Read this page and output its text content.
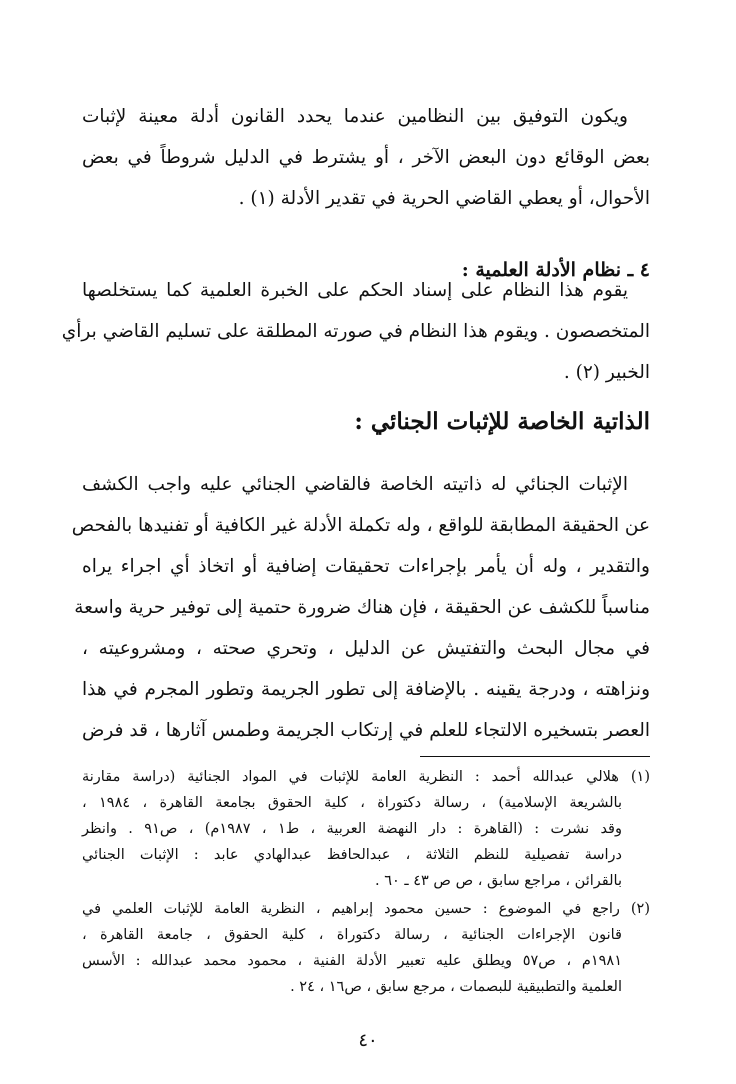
ويكون التوفيق بين النظامين عندما يحدد القانون أدلة معينة لإثبات
بعض الوقائع دون البعض الآخر ، أو يشترط في الدليل شروطاً في بعض
الأحوال، أو يعطي القاضي الحرية في تقدير الأدلة (١) .
٤ ـ نظام الأدلة العلمية :
يقوم هذا النظام على إسناد الحكم على الخبرة العلمية كما يستخلصها
المتخصصون . ويقوم هذا النظام في صورته المطلقة على تسليم القاضي برأي
الخبير (٢) .
الذاتية الخاصة للإثبات الجنائي :
الإثبات الجنائي له ذاتيته الخاصة فالقاضي الجنائي عليه واجب الكشف
عن الحقيقة المطابقة للواقع ، وله تكملة الأدلة غير الكافية أو تفنيدها بالفحص
والتقدير ، وله أن يأمر بإجراءات تحقيقات إضافية أو اتخاذ أي اجراء يراه
مناسباً للكشف عن الحقيقة ، فإن هناك ضرورة حتمية إلى توفير حرية واسعة
في مجال البحث والتفتيش عن الدليل ، وتحري صحته ، ومشروعيته ،
ونزاهته ، ودرجة يقينه . بالإضافة إلى تطور الجريمة وتطور المجرم في هذا
العصر بتسخيره الالتجاء للعلم في إرتكاب الجريمة وطمس آثارها ، قد فرض
(١) هلالي عبدالله أحمد : النظرية العامة للإثبات في المواد الجنائية (دراسة مقارنة
بالشريعة الإسلامية) ، رسالة دكتوراة ، كلية الحقوق بجامعة القاهرة ، ١٩٨٤ ،
وقد نشرت : (القاهرة : دار النهضة العربية ، ط١ ، ١٩٨٧م) ، ص٩١ . وانظر
دراسة تفصيلية للنظم الثلاثة ، عبدالحافظ عبدالهادي عابد : الإثبات الجنائي
بالقرائن ، مراجع سابق ، ص ص ٤٣ ـ ٦٠ .
(٢) راجع في الموضوع : حسين محمود إبراهيم ، النظرية العامة للإثبات العلمي في
قانون الإجراءات الجنائية ، رسالة دكتوراة ، كلية الحقوق ، جامعة القاهرة ،
١٩٨١م ، ص٥٧ ويطلق عليه تعبير الأدلة الفنية ، محمود محمد عبدالله : الأسس
العلمية والتطبيقية للبصمات ، مرجع سابق ، ص١٦ ، ٢٤ .
٤٠
